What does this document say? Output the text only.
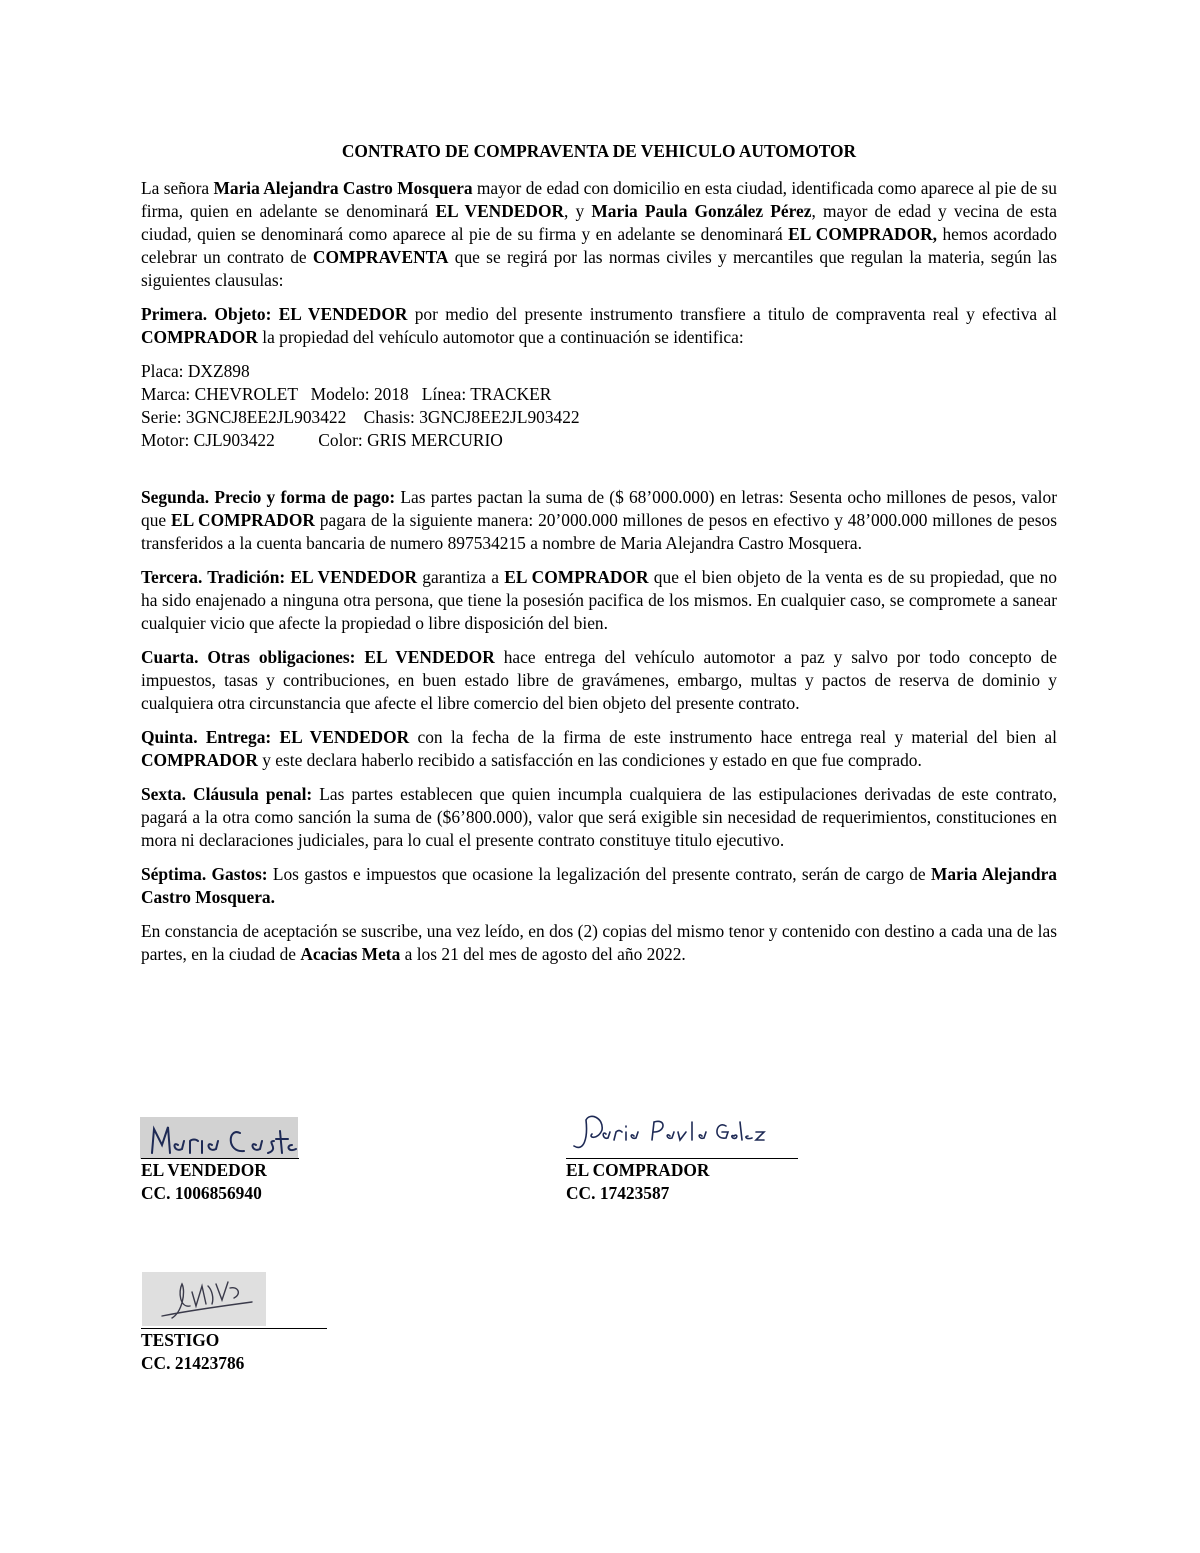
CONTRATO DE COMPRAVENTA DE VEHICULO AUTOMOTOR

La señora Maria Alejandra Castro Mosquera mayor de edad con domicilio en esta ciudad, identificada como aparece al pie de su firma, quien en adelante se denominará EL VENDEDOR, y Maria Paula González Pérez, mayor de edad y vecina de esta ciudad, quien se denominará como aparece al pie de su firma y en adelante se denominará EL COMPRADOR, hemos acordado celebrar un contrato de COMPRAVENTA que se regirá por las normas civiles y mercantiles que regulan la materia, según las siguientes clausulas:

Primera. Objeto: EL VENDEDOR por medio del presente instrumento transfiere a titulo de compraventa real y efectiva al COMPRADOR la propiedad del vehículo automotor que a continuación se identifica:

Placa: DXZ898
Marca: CHEVROLET   Modelo: 2018   Línea: TRACKER
Serie: 3GNCJ8EE2JL903422    Chasis: 3GNCJ8EE2JL903422
Motor: CJL903422          Color: GRIS MERCURIO

Segunda. Precio y forma de pago: Las partes pactan la suma de ($ 68’000.000) en letras: Sesenta ocho millones de pesos, valor que EL COMPRADOR pagara de la siguiente manera: 20’000.000 millones de pesos en efectivo y 48’000.000 millones de pesos transferidos a la cuenta bancaria de numero 897534215 a nombre de Maria Alejandra Castro Mosquera.

Tercera. Tradición: EL VENDEDOR garantiza a EL COMPRADOR que el bien objeto de la venta es de su propiedad, que no ha sido enajenado a ninguna otra persona, que tiene la posesión pacifica de los mismos. En cualquier caso, se compromete a sanear cualquier vicio que afecte la propiedad o libre disposición del bien.

Cuarta. Otras obligaciones: EL VENDEDOR hace entrega del vehículo automotor a paz y salvo por todo concepto de impuestos, tasas y contribuciones, en buen estado libre de gravámenes, embargo, multas y pactos de reserva de dominio y cualquiera otra circunstancia que afecte el libre comercio del bien objeto del presente contrato.

Quinta. Entrega: EL VENDEDOR con la fecha de la firma de este instrumento hace entrega real y material del bien al COMPRADOR y este declara haberlo recibido a satisfacción en las condiciones y estado en que fue comprado.

Sexta. Cláusula penal: Las partes establecen que quien incumpla cualquiera de las estipulaciones derivadas de este contrato, pagará a la otra como sanción la suma de ($6’800.000), valor que será exigible sin necesidad de requerimientos, constituciones en mora ni declaraciones judiciales, para lo cual el presente contrato constituye titulo ejecutivo.

Séptima. Gastos: Los gastos e impuestos que ocasione la legalización del presente contrato, serán de cargo de Maria Alejandra Castro Mosquera.

En constancia de aceptación se suscribe, una vez leído, en dos (2) copias del mismo tenor y contenido con destino a cada una de las partes, en la ciudad de Acacias Meta a los 21 del mes de agosto del año 2022.

EL VENDEDOR
CC. 1006856940
EL COMPRADOR
CC. 17423587
TESTIGO
CC. 21423786
